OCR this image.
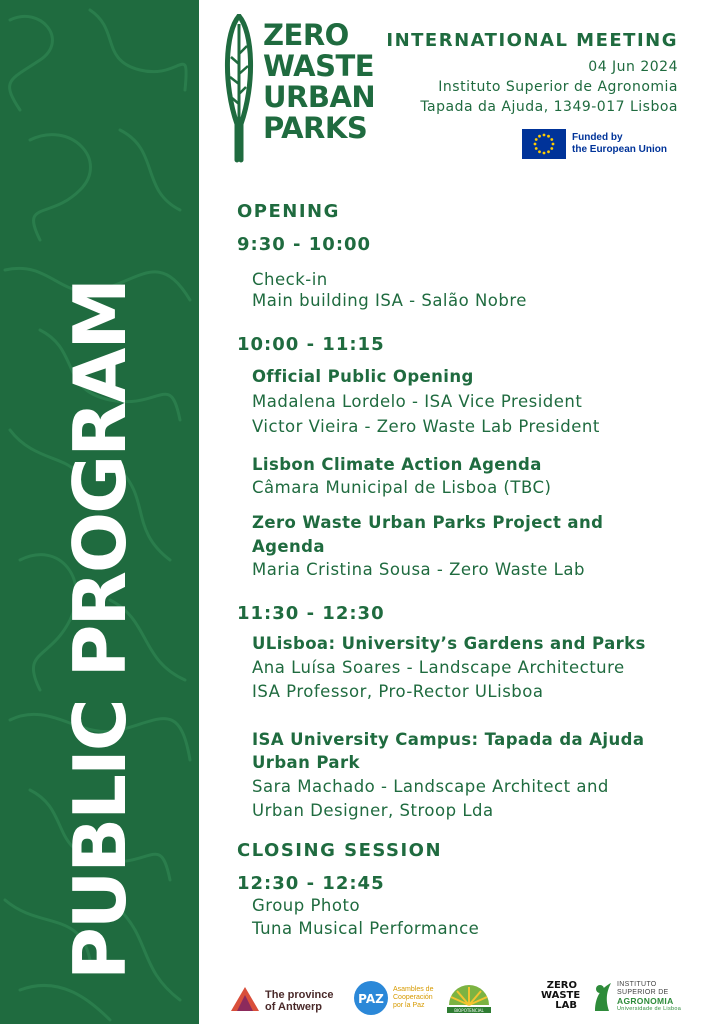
PUBLIC PROGRAM
ZERO
WASTE
URBAN
PARKS
INTERNATIONAL MEETING
04 Jun 2024
Instituto Superior de Agronomia
Tapada da Ajuda, 1349-017 Lisboa
Funded by
the European Union
OPENING
9:30 - 10:00
Check-in
Main building ISA - Salão Nobre
10:00 - 11:15
Official Public Opening
Madalena Lordelo - ISA Vice President
Victor Vieira - Zero Waste Lab President
Lisbon Climate Action Agenda
Câmara Municipal de Lisboa (TBC)
Zero Waste Urban Parks Project and
Agenda
Maria Cristina Sousa - Zero Waste Lab
11:30 - 12:30
ULisboa: University’s Gardens and Parks
Ana Luísa Soares - Landscape Architecture
ISA Professor, Pro-Rector ULisboa
ISA University Campus: Tapada da Ajuda
Urban Park
Sara Machado - Landscape Architect and
Urban Designer, Stroop Lda
CLOSING SESSION
12:30 - 12:45
Group Photo
Tuna Musical Performance
The province
of Antwerp
PAZ
Asambles de
Cooperación
por la Paz
BIOPOTENCIAL
ZERO
WASTE
LAB
INSTITUTO
SUPERIOR DE
AGRONOMIA
Universidade de Lisboa
